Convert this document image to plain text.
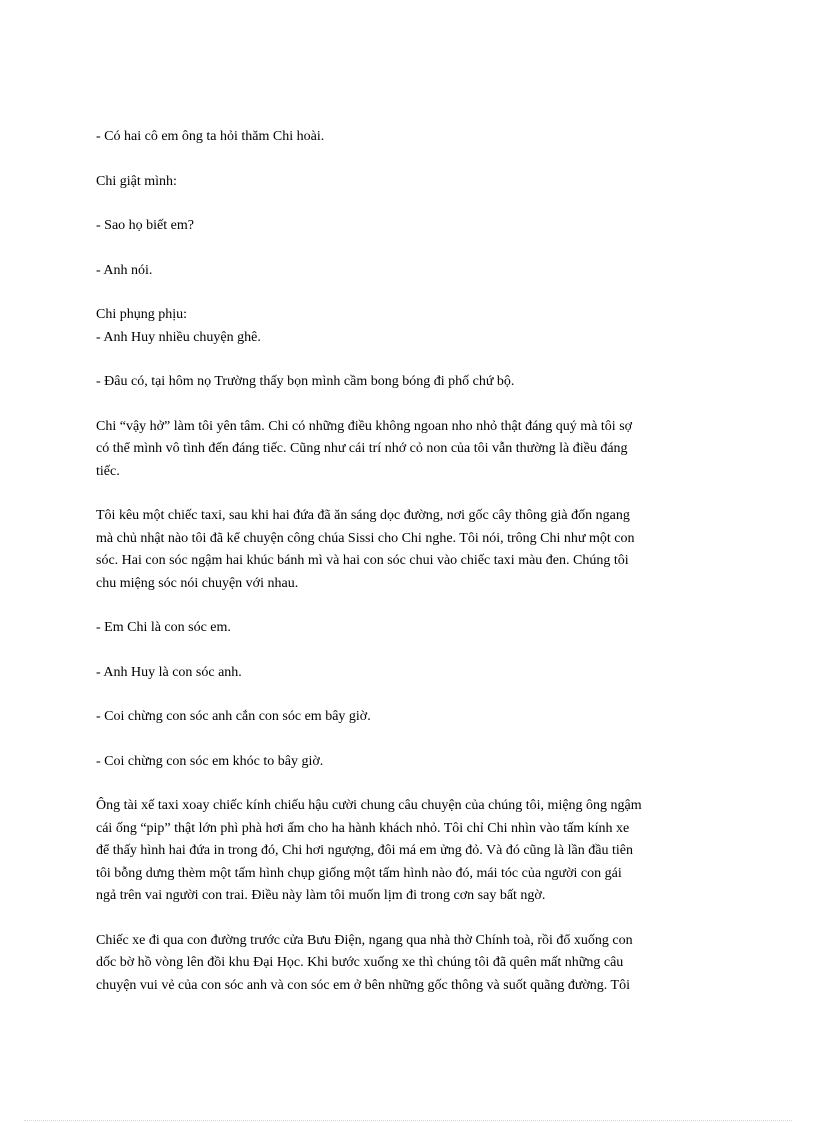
- Có hai cô em ông ta hỏi thăm Chi hoài.

Chi giật mình:

- Sao họ biết em?

- Anh nói.

Chi phụng phịu:

- Anh Huy nhiều chuyện ghê.

- Đâu có, tại hôm nọ Trường thấy bọn mình cầm bong bóng đi phố chứ bộ.

Chi “vậy hở” làm tôi yên tâm. Chi có những điều không ngoan nho nhỏ thật đáng quý mà tôi sợ
có thể mình vô tình đến đáng tiếc. Cũng như cái trí nhớ cỏ non của tôi vẫn thường là điều đáng
tiếc.

Tôi kêu một chiếc taxi, sau khi hai đứa đã ăn sáng dọc đường, nơi gốc cây thông già đốn ngang
mà chủ nhật nào tôi đã kể chuyện công chúa Sissi cho Chi nghe. Tôi nói, trông Chi như một con
sóc. Hai con sóc ngậm hai khúc bánh mì và hai con sóc chui vào chiếc taxi màu đen. Chúng tôi
chu miệng sóc nói chuyện với nhau.

- Em Chi là con sóc em.

- Anh Huy là con sóc anh.

- Coi chừng con sóc anh cắn con sóc em bây giờ.

- Coi chừng con sóc em khóc to bây giờ.

Ông tài xế taxi xoay chiếc kính chiếu hậu cười chung câu chuyện của chúng tôi, miệng ông ngậm
cái ống “pip” thật lớn phì phà hơi ấm cho ha hành khách nhỏ. Tôi chỉ Chi nhìn vào tấm kính xe
để thấy hình hai đứa in trong đó, Chi hơi ngượng, đôi má em ửng đỏ. Và đó cũng là lần đầu tiên
tôi bỗng dưng thèm một tấm hình chụp giống một tấm hình nào đó, mái tóc của người con gái
ngả trên vai người con trai. Điều này làm tôi muốn lịm đi trong cơn say bất ngờ.

Chiếc xe đi qua con đường trước cửa Bưu Điện, ngang qua nhà thờ Chính toà, rồi đổ xuống con
dốc bờ hồ vòng lên đồi khu Đại Học. Khi bước xuống xe thì chúng tôi đã quên mất những câu
chuyện vui vẻ của con sóc anh và con sóc em ở bên những gốc thông và suốt quãng đường. Tôi
